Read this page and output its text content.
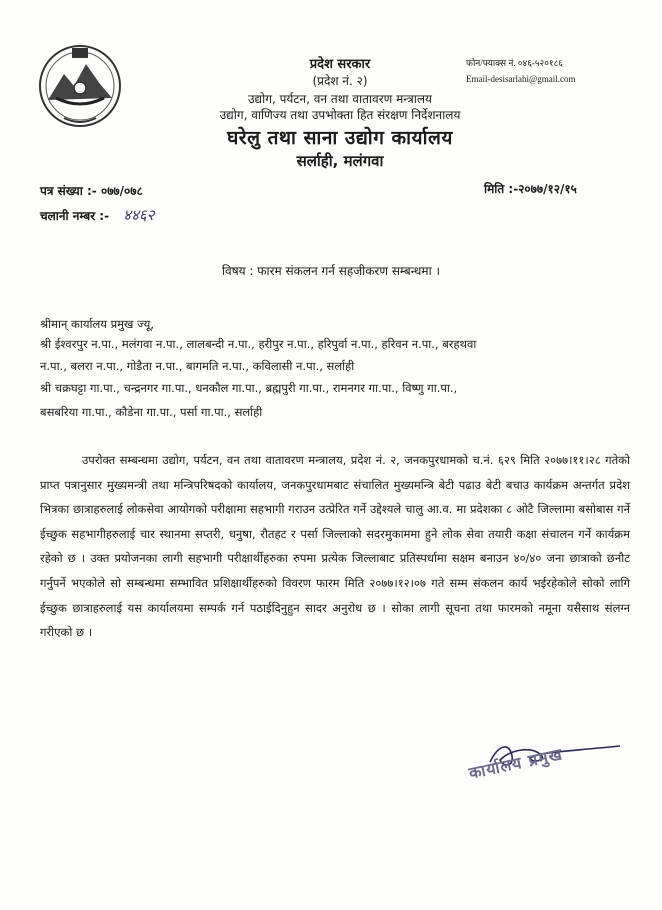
प्रदेश सरकार
(प्रदेश नं. २)
उद्योग, पर्यटन, वन तथा वातावरण मन्त्रालय
उद्योग, वाणिज्य तथा उपभोक्ता हित संरक्षण निर्देशनालय
घरेलु तथा साना उद्योग कार्यालय
सर्लाही, मलंगवा
फोन/फ्याक्स नं. ०४६-५२०१८६
Email-desisarlahi@gmail.com
पत्र संख्या :- ०७७/०७८
चलानी नम्बर :- ४४६२
मिति :-२०७७/१२/१५
विषय : फारम संकलन गर्न सहजीकरण सम्बन्धमा ।
श्रीमान् कार्यालय प्रमुख ज्यू,
श्री ईश्वरपुर न.पा., मलंगवा न.पा., लालबन्दी न.पा., हरीपुर न.पा., हरिपुर्वा न.पा., हरिवन न.पा., बरहथवा
न.पा., बलरा न.पा., गोडैता न.पा., बागमति न.पा., कविलासी न.पा., सर्लाही
श्री चक्रघट्टा गा.पा., चन्द्रनगर गा.पा., धनकौल गा.पा., ब्रह्मपुरी गा.पा., रामनगर गा.पा., विष्णु गा.पा.,
बसबरिया गा.पा., कौडेना गा.पा., पर्सा गा.पा., सर्लाही

उपरोक्त सम्बन्धमा उद्योग, पर्यटन, वन तथा वातावरण मन्त्रालय, प्रदेश नं. २, जनकपुरधामको च.नं. ६२९ मिति २०७७।११।२८ गतेको प्राप्त पत्रानुसार मुख्यमन्त्री तथा मन्त्रिपरिषदको कार्यालय, जनकपुरधामबाट संचालित मुख्यमन्त्रि बेटी पढाउ बेटी बचाउ कार्यक्रम अन्तर्गत प्रदेश भित्रका छात्राहरुलाई लोकसेवा आयोगको परीक्षामा सहभागी गराउन उत्प्रेरित गर्ने उद्देश्यले चालु आ.व. मा प्रदेशका ८ ओटै जिल्लामा बसोबास गर्ने ईच्छुक सहभागीहरुलाई चार स्थानमा सप्तरी, धनुषा, रौतहट र पर्सा जिल्लाको सदरमुकाममा हुने लोक सेवा तयारी कक्षा संचालन गर्ने कार्यक्रम रहेको छ । उक्त प्रयोजनका लागी सहभागी परीक्षार्थीहरुका रुपमा प्रत्येक जिल्लाबाट प्रतिस्पर्धामा सक्षम बनाउन ४०/४० जना छात्राको छनौट गर्नुपर्ने भएकोले सो सम्बन्धमा सम्भावित प्रशिक्षार्थीहरुको विवरण फारम मिति २०७७।१२।०७ गते सम्म संकलन कार्य भईरहेकोले सोको लागि ईच्छुक छात्राहरुलाई यस कार्यालयमा सम्पर्क गर्न पठाईदिनुहुन सादर अनुरोध छ । सोका लागी सूचना तथा फारमको नमूना यसैसाथ संलग्न गरीएको छ ।

कार्यालय प्रमुख
